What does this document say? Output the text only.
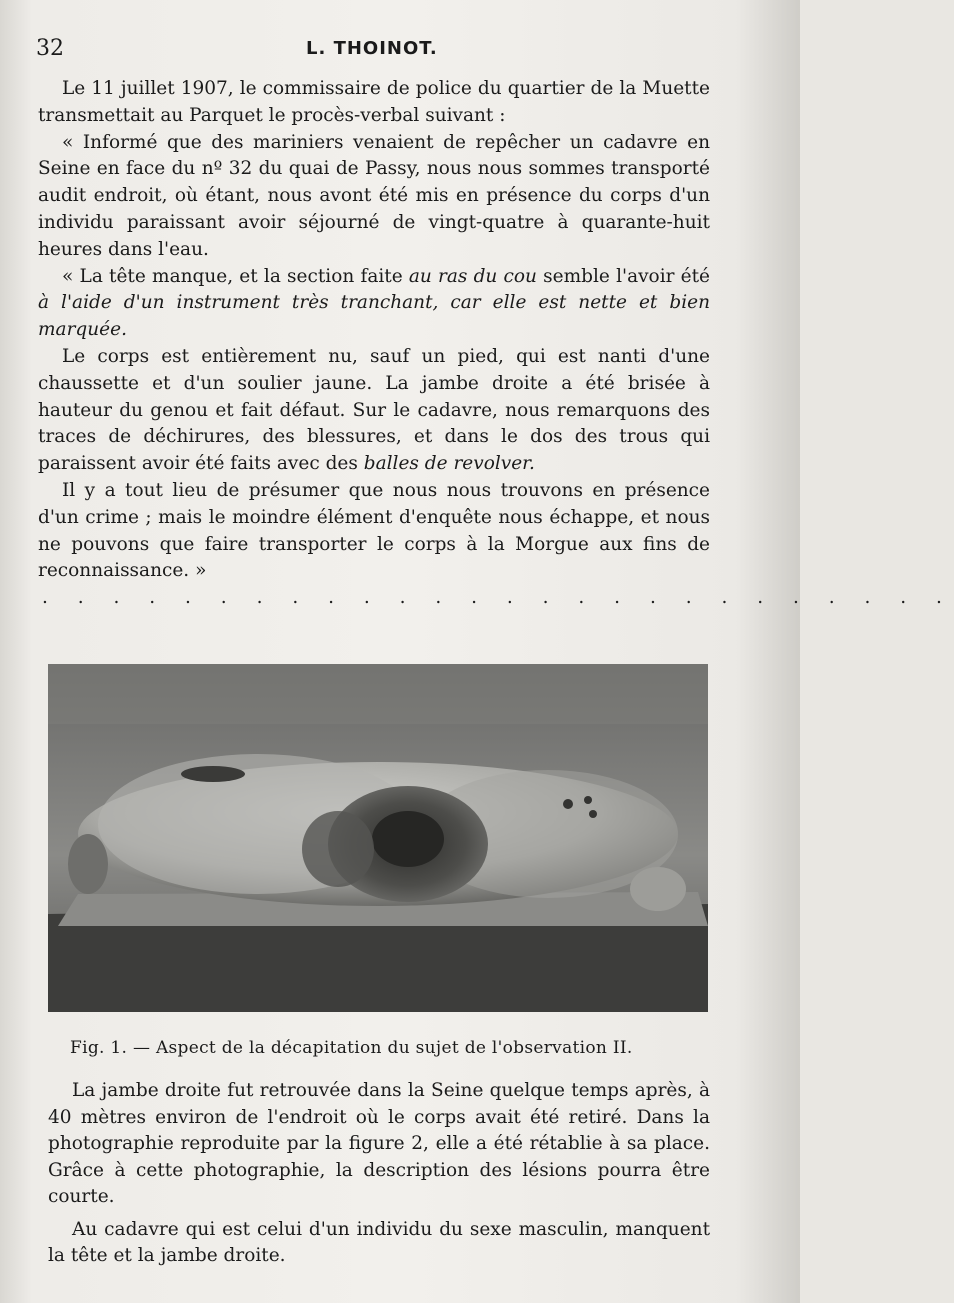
32	L. THOINOT.

Le 11 juillet 1907, le commissaire de police du quartier de la Muette transmettait au Parquet le procès-verbal suivant :

« Informé que des mariniers venaient de repêcher un cadavre en Seine en face du nº 32 du quai de Passy, nous nous sommes transporté audit endroit, où étant, nous avont été mis en présence du corps d'un individu paraissant avoir séjourné de vingt-quatre à quarante-huit heures dans l'eau.

« La tête manque, et la section faite au ras du cou semble l'avoir été à l'aide d'un instrument très tranchant, car elle est nette et bien marquée.

Le corps est entièrement nu, sauf un pied, qui est nanti d'une chaussette et d'un soulier jaune. La jambe droite a été brisée à hauteur du genou et fait défaut. Sur le cadavre, nous remarquons des traces de déchirures, des blessures, et dans le dos des trous qui paraissent avoir été faits avec des balles de revolver.

Il y a tout lieu de présumer que nous nous trouvons en présence d'un crime ; mais le moindre élément d'enquête nous échappe, et nous ne pouvons que faire transporter le corps à la Morgue aux fins de reconnaissance. »

. . . . . . . . . . . . . . . . . . . . . . . . . .

Fig. 1. — Aspect de la décapitation du sujet de l'observation II.

La jambe droite fut retrouvée dans la Seine quelque temps après, à 40 mètres environ de l'endroit où le corps avait été retiré. Dans la photographie reproduite par la figure 2, elle a été rétablie à sa place. Grâce à cette photographie, la description des lésions pourra être courte.

Au cadavre qui est celui d'un individu du sexe masculin, manquent la tête et la jambe droite.
